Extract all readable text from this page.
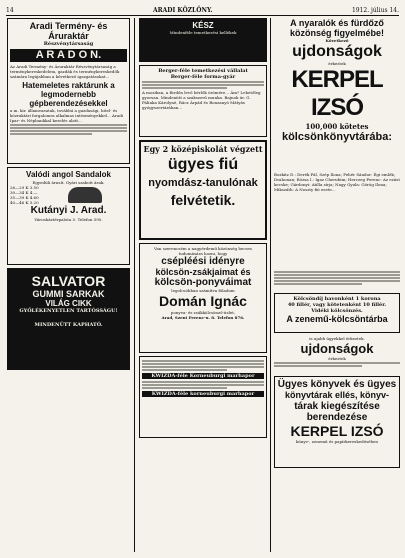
14	ARADI KÖZLÖNY.	1912. július 14.
Aradi Termény- és Áruraktár
Részvénytársaság
A R A D O N.
Az Aradi Termény- és Áruraktár Részvénytársaság a terménykereskedelem, gazdák és terménykereskedők számára legújabban a kővetkező igazgatásokat...
Hatemeletes raktárunk a legmodernebb gépberendezésekkel
a m. kir. államvasutak, továbbá a gazdasági, hitel- és közraktári forgalomra alkalmas intézményekkel... Aradi Ipar- és Népbankkal kezelés alatt...
Valódi angol Sandalok
Egyedüli árusít. Gyári szabott árak.
26—29 K 3.50
30—34 K 4.—
35—39 K 4.60
40—46 K 5.20
Kutányi J. Arad.
Városháztérpalota 5. Telefon 595.
SALVATOR
GUMMI SARKAK
VILÁG CIKK
GYŐLÉKENYETLEN TARTÓSSÁGU!
MINDENÜTT KAPHATÓ.
KÉSZ
Mindenféle temetkezési kellékek
Berger-féle temetkezési vállalat
Berger-féle forma-gyár
A moziban, a fürdőn levő bérlők örömére... Ám? Lehetőleg gyorsan. Mindenütt a szakszerű munka. Bajnok úr. G. Pálinka Károlyné, Rácz Árpád és Bonzanyó Mátyás gyógyszertárában...
Egy 2 középiskolát végzett
ügyes fiú
nyomdász-tanulónak
felvétetik.
Van szerencsém a nagyérdemű közönség becses tudomására hozni, hogy
csépléési idényre
kölcsön-zsákjaimat és
kölcsön-ponyváimat
legolcsóbban számítva föladom
Domán Ignác
ponyva- és zsákkölcsönző-üzlet,
Arad, Szent Ferenc-u. 8. Telefon 876.
KWIZDA-féle Korneuburgi marhapor
KWIZDA-féle korneuburgi marhapor
A nyaralók és fürdőző
közönség figyelmébe!
Kővetkező
ujdonságok
érkeztek
KERPEL IZSÓ
100,000 kötetes
kölcsönkönyvtárába:
Bozkitz D.: Derék Pál, Szép Ilona; Fehér Sándor: Égi emlék; Drahonan; Rózsa I.: Igaz Cherubim; Herczeg Ferenc: Az ezüst kecske; Gárdonyi: Atilla sírja; Nagy Gyula: Görög Ilona; Mikszáth: A Noszty fiú esete...
Kölcsöndíj havonként 1 korona
40 fillér, vagy kötetenként 10 fillér.
Vidéki kölcsönzés.
A zenemű-kölcsöntárba
is ujabb ügyekkel érkeztek.
ujdonságok
érkeztek
Ügyes könyvek és ügyes
könyvtárak ellés, könyv-
tárak kiegészítése
berendezése
KERPEL IZSÓ
könyv-, zenemű és papírkereskedésében
